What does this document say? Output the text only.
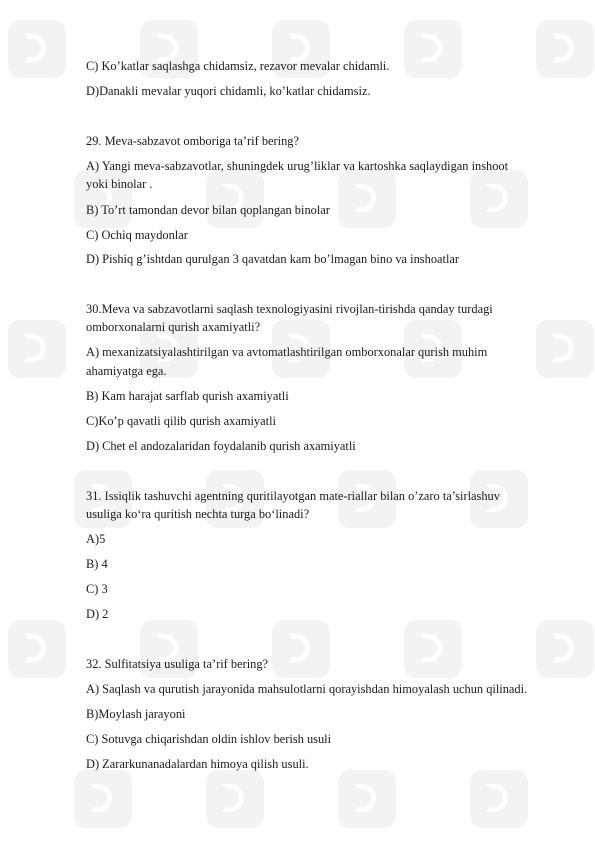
C) Ko’katlar saqlashga chidamsiz, rezavor mevalar chidamli.

D)Danakli mevalar yuqori chidamli, ko’katlar chidamsiz.

29. Meva-sabzavot omboriga ta’rif bering?

A) Yangi meva-sabzavotlar, shuningdek urug’liklar va kartoshka saqlaydigan inshoot

yoki binolar .

B) To’rt tamondan devor bilan qoplangan binolar

C) Ochiq maydonlar

D) Pishiq g’ishtdan qurulgan 3 qavatdan kam bo’lmagan bino va inshoatlar

30.Meva va sabzavotlarni saqlash texnologiyasini rivojlan-tirishda qanday turdagi

omborxonalarni qurish axamiyatli?

A) mexanizatsiyalashtirilgan va avtomatlashtirilgan omborxonalar qurish muhim

ahamiyatga ega.

B) Kam harajat sarflab qurish axamiyatli

C)Ko’p qavatli qilib qurish axamiyatli

D) Chet el andozalaridan foydalanib qurish axamiyatli

31. Issiqlik tashuvchi agentning quritilayotgan mate-riallar bilan o’zaro ta’sirlashuv

usuliga ko‘ra quritish nechta turga bo‘linadi?

A)5

B) 4

C) 3

D) 2

32. Sulfitatsiya usuliga ta’rif bering?

A) Saqlash va qurutish jarayonida mahsulotlarni qorayishdan himoyalash uchun qilinadi.

B)Moylash jarayoni

C) Sotuvga chiqarishdan oldin ishlov berish usuli

D) Zararkunanadalardan himoya qilish usuli.
